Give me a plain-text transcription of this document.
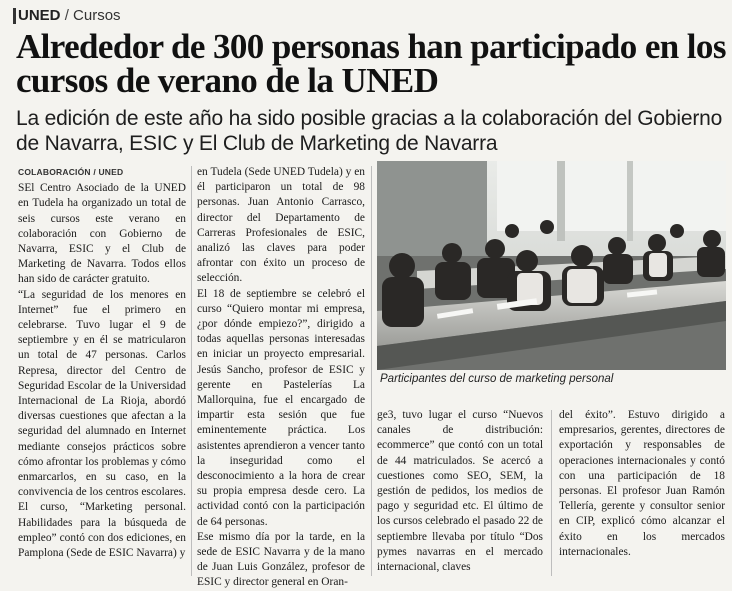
UNED / Cursos
Alrededor de 300 personas han participado en los cursos de verano de la UNED
La edición de este año ha sido posible gracias a la colaboración del Gobierno de Navarra, ESIC y El Club de Marketing de Navarra
COLABORACIÓN / UNED

SEl Centro Asociado de la UNED en Tudela ha organizado un total de seis cursos este verano en colaboración con Gobierno de Navarra, ESIC y el Club de Marketing de Navarra. Todos ellos han sido de carácter gratuito.

“La seguridad de los menores en Internet” fue el primero en celebrarse. Tuvo lugar el 9 de septiembre y en él se matricularon un total de 47 personas. Carlos Represa, director del Centro de Seguridad Escolar de la Universidad Internacional de La Rioja, abordó diversas cuestiones que afectan a la seguridad del alumnado en Internet mediante consejos prácticos sobre cómo afrontar los problemas y cómo enmarcarlos, en su caso, en la convivencia de los centros escolares.

El curso, “Marketing personal. Habilidades para la búsqueda de empleo” contó con dos ediciones, en Pamplona (Sede de ESIC Navarra) y

en Tudela (Sede UNED Tudela) y en él participaron un total de 98 personas. Juan Antonio Carrasco, director del Departamento de Carreras Profesionales de ESIC, analizó las claves para poder afrontar con éxito un proceso de selección.

El 18 de septiembre se celebró el curso “Quiero montar mi empresa, ¿por dónde empiezo?”, dirigido a todas aquellas personas interesadas en iniciar un proyecto empresarial. Jesús Sancho, profesor de ESIC y gerente en Pastelerías La Mallorquina, fue el encargado de impartir esta sesión que fue eminentemente práctica. Los asistentes aprendieron a vencer tanto la inseguridad como el desconocimiento a la hora de crear su propia empresa desde cero. La actividad contó con la participación de 64 personas.

Ese mismo día por la tarde, en la sede de ESIC Navarra y de la mano de Juan Luis González, profesor de ESIC y director general en Oran-

Participantes del curso de marketing personal

ge3, tuvo lugar el curso “Nuevos canales de distribución: ecommerce” que contó con un total de 44 matriculados. Se acercó a cuestiones como SEO, SEM, la gestión de pedidos, los medios de pago y seguridad etc. El último de los cursos celebrado el pasado 22 de septiembre llevaba por título “Dos pymes navarras en el mercado internacional, claves

del éxito”. Estuvo dirigido a empresarios, gerentes, directores de exportación y responsables de operaciones internacionales y contó con una participación de 18 personas. El profesor Juan Ramón Tellería, gerente y consultor senior en CIP, explicó cómo alcanzar el éxito en los mercados internacionales.
